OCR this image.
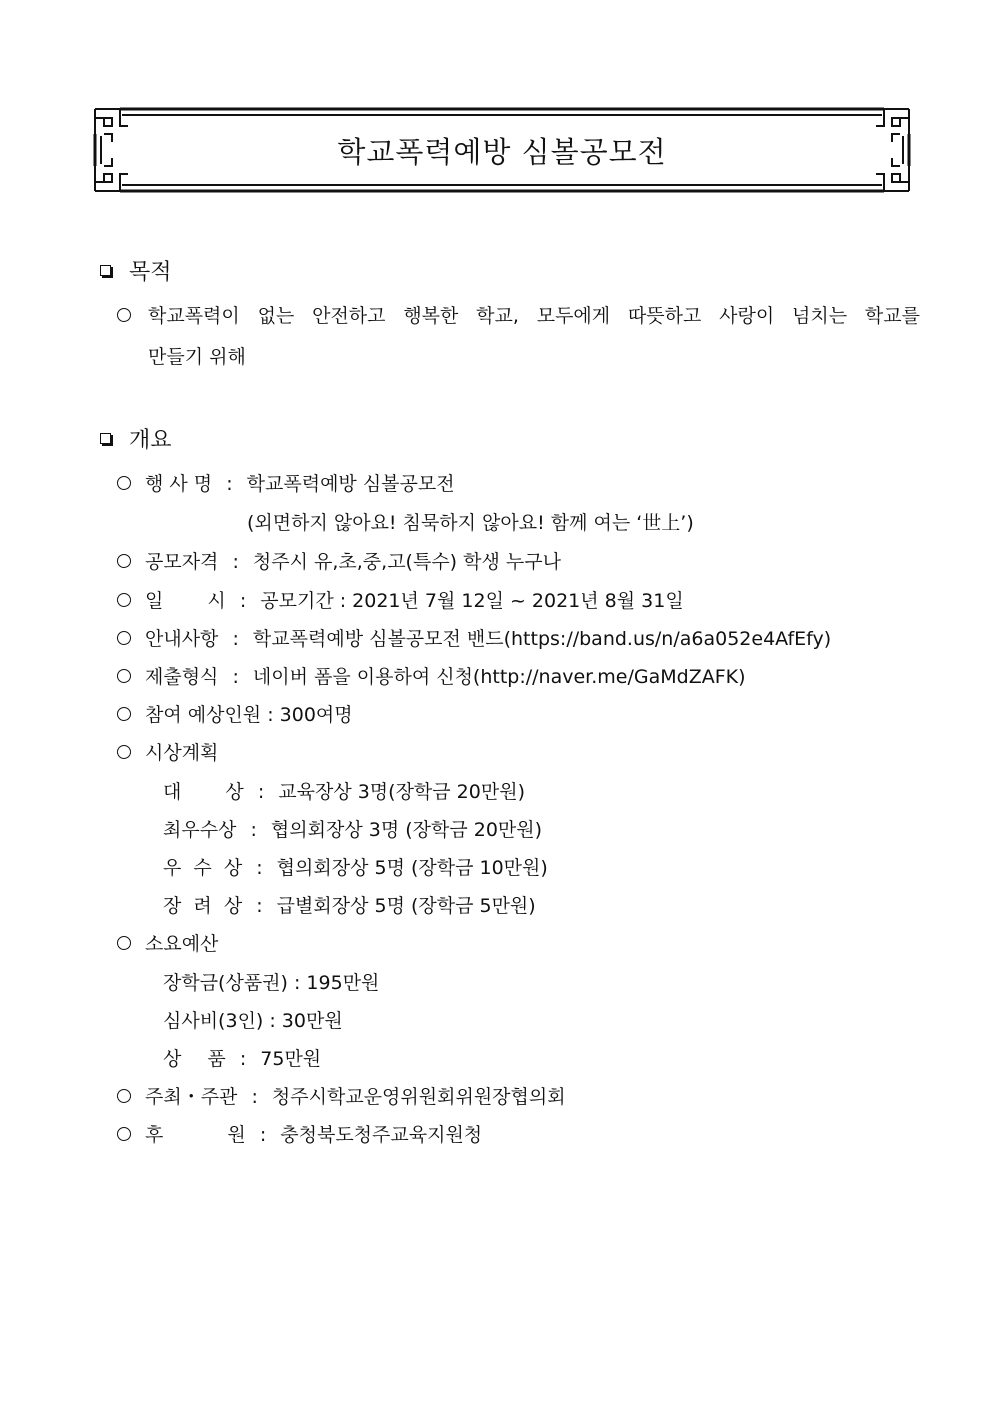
학교폭력예방 심볼공모전
목적
학교폭력이 없는 안전하고 행복한 학교, 모두에게 따뜻하고 사랑이 넘치는 학교를
만들기 위해
개요
행 사 명 : 학교폭력예방 심볼공모전
(외면하지 않아요! 침묵하지 않아요! 함께 여는 ‘世上’)
공모자격 : 청주시 유,초,중,고(특수) 학생 누구나
일 시 : 공모기간 : 2021년 7월 12일 ~ 2021년 8월 31일
안내사항 : 학교폭력예방 심볼공모전 밴드(https://band.us/n/a6a052e4AfEfy)
제출형식 : 네이버 폼을 이용하여 신청(http://naver.me/GaMdZAFK)
참여 예상인원 : 300여명
시상계획
대 상 : 교육장상 3명(장학금 20만원)
최우수상 : 협의회장상 3명 (장학금 20만원)
우 수 상 : 협의회장상 5명 (장학금 10만원)
장 려 상 : 급별회장상 5명 (장학금 5만원)
소요예산
장학금(상품권) : 195만원
심사비(3인) : 30만원
상 품 : 75만원
주최・주관 : 청주시학교운영위원회위원장협의회
후	원 : 충청북도청주교육지원청
